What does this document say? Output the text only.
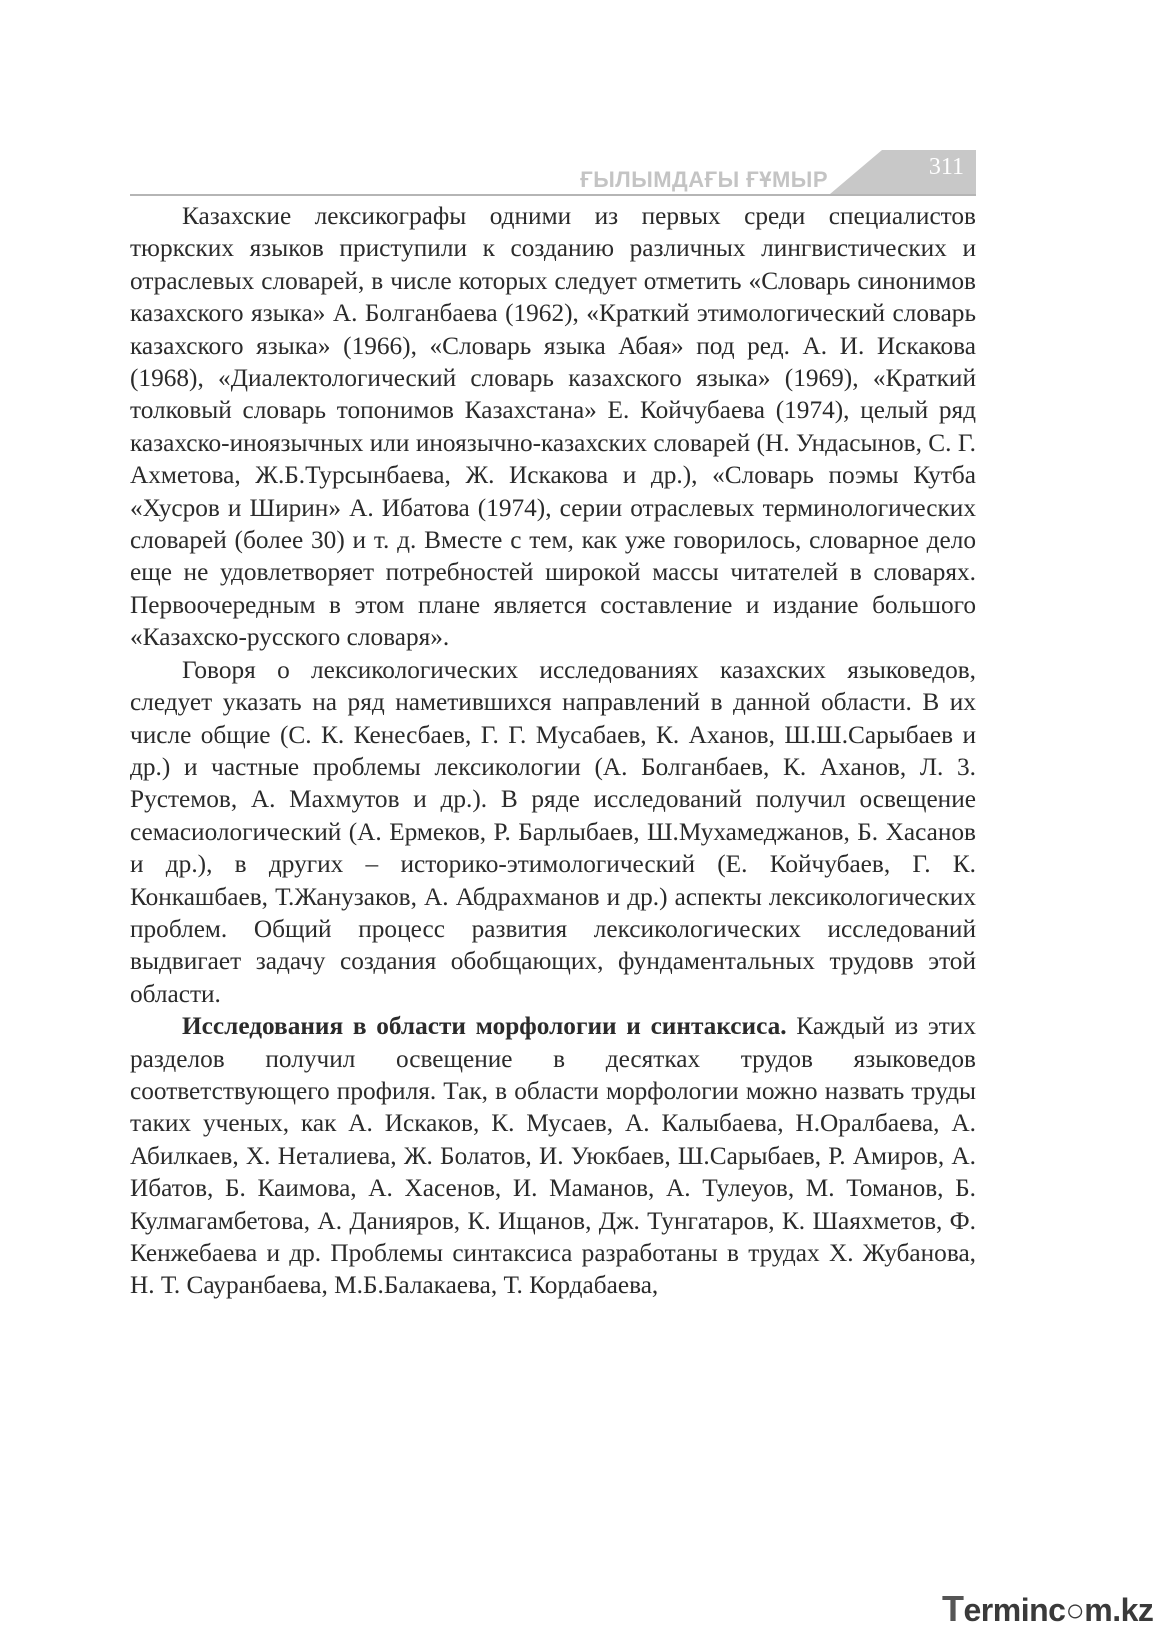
ҒЫЛЫМДАҒЫ ҒҰМЫР	311

Казахские лексикографы одними из первых среди специалистов тюркских языков приступили к созданию различных лингвистических и отраслевых словарей, в числе которых следует отметить «Словарь синонимов казахского языка» А. Болганбаева (1962), «Краткий этимологический словарь казахского языка» (1966), «Словарь языка Абая» под ред. А. И. Искакова (1968), «Диалектологический словарь казахского языка» (1969), «Краткий толковый словарь топонимов Казахстана» Е. Койчубаева (1974), целый ряд казахско-иноязычных или иноязычно-казахских словарей (Н. Ундасынов, С. Г. Ахметова, Ж.Б.Турсынбаева, Ж. Искакова и др.), «Словарь поэмы Кутба «Хусров и Ширин» А. Ибатова (1974), серии отраслевых терминологических словарей (более 30) и т. д. Вместе с тем, как уже говорилось, словарное дело еще не удовлетворяет потребностей широкой массы читателей в словарях. Первоочередным в этом плане является составление и издание большого «Казахско-русского словаря».

Говоря о лексикологических исследованиях казахских языковедов, следует указать на ряд наметившихся направлений в данной области. В их числе общие (С. К. Кенесбаев, Г. Г. Мусабаев, К. Аханов, Ш.Ш.Сарыбаев и др.) и частные проблемы лексикологии (А. Болганбаев, К. Аханов, Л. 3. Рустемов, А. Махмутов и др.). В ряде исследований получил освещение семасиологический (А. Ермеков, Р. Барлыбаев, Ш.Мухамеджанов, Б. Хасанов и др.), в других – историко-этимологический (Е. Койчубаев, Г. К. Конкашбаев, Т.Жанузаков, А. Абдрахманов и др.) аспекты лексикологических проблем. Общий процесс развития лексикологических исследований выдвигает задачу создания обобщающих, фундаментальных трудовв этой области.

Исследования в области морфологии и синтаксиса. Каждый из этих разделов получил освещение в десятках трудов языковедов соответствующего профиля. Так, в области морфологии можно назвать труды таких ученых, как А. Искаков, К. Мусаев, А. Калыбаева, Н.Оралбаева, А. Абилкаев, Х. Неталиева, Ж. Болатов, И. Уюкбаев, Ш.Сарыбаев, Р. Амиров, А. Ибатов, Б. Каимова, А. Хасенов, И. Маманов, А. Тулеуов, М. Томанов, Б. Кулмагамбетова, А. Данияров, К. Ищанов, Дж. Тунгатаров, К. Шаяхметов, Ф. Кенжебаева и др. Проблемы синтаксиса разработаны в трудах Х. Жубанова, Н. Т. Сауранбаева, М.Б.Балакаева, Т. Кордабаева,

Terminc○m.kz
